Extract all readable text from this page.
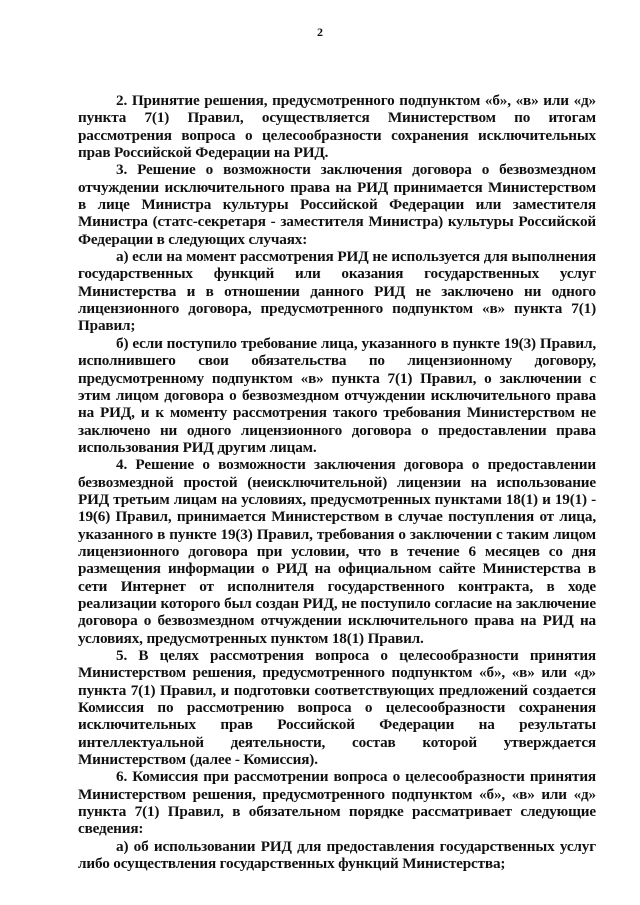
2

2. Принятие решения, предусмотренного подпунктом «б», «в» или «д» пункта 7(1) Правил, осуществляется Министерством по итогам рассмотрения вопроса о целесообразности сохранения исключительных прав Российской Федерации на РИД.

3. Решение о возможности заключения договора о безвозмездном отчуждении исключительного права на РИД принимается Министерством в лице Министра культуры Российской Федерации или заместителя Министра (статс-секретаря - заместителя Министра) культуры Российской Федерации в следующих случаях:

а) если на момент рассмотрения РИД не используется для выполнения государственных функций или оказания государственных услуг Министерства и в отношении данного РИД не заключено ни одного лицензионного договора, предусмотренного подпунктом «в» пункта 7(1) Правил;

б) если поступило требование лица, указанного в пункте 19(3) Правил, исполнившего свои обязательства по лицензионному договору, предусмотренному подпунктом «в» пункта 7(1) Правил, о заключении с этим лицом договора о безвозмездном отчуждении исключительного права на РИД, и к моменту рассмотрения такого требования Министерством не заключено ни одного лицензионного договора о предоставлении права использования РИД другим лицам.

4. Решение о возможности заключения договора о предоставлении безвозмездной простой (неисключительной) лицензии на использование РИД третьим лицам на условиях, предусмотренных пунктами 18(1) и 19(1) - 19(6) Правил, принимается Министерством в случае поступления от лица, указанного в пункте 19(3) Правил, требования о заключении с таким лицом лицензионного договора при условии, что в течение 6 месяцев со дня размещения информации о РИД на официальном сайте Министерства в сети Интернет от исполнителя государственного контракта, в ходе реализации которого был создан РИД, не поступило согласие на заключение договора о безвозмездном отчуждении исключительного права на РИД на условиях, предусмотренных пунктом 18(1) Правил.

5. В целях рассмотрения вопроса о целесообразности принятия Министерством решения, предусмотренного подпунктом «б», «в» или «д» пункта 7(1) Правил, и подготовки соответствующих предложений создается Комиссия по рассмотрению вопроса о целесообразности сохранения исключительных прав Российской Федерации на результаты интеллектуальной деятельности, состав которой утверждается Министерством (далее - Комиссия).

6. Комиссия при рассмотрении вопроса о целесообразности принятия Министерством решения, предусмотренного подпунктом «б», «в» или «д» пункта 7(1) Правил, в обязательном порядке рассматривает следующие сведения:

а) об использовании РИД для предоставления государственных услуг либо осуществления государственных функций Министерства;
